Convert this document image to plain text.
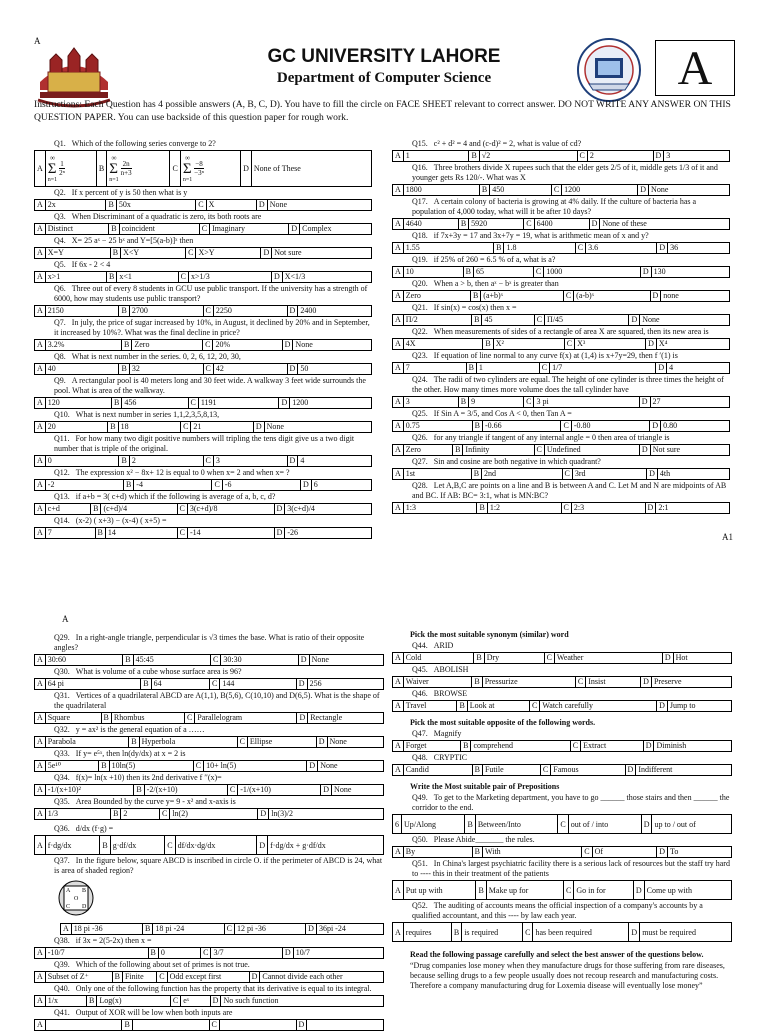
A
GC UNIVERSITY LAHORE
Department of Computer Science	A
Instructions: Each Question has 4 possible answers (A, B, C, D). You have to fill the circle on FACE SHEET relevant to correct answer. DO NOT WRITE ANY ANSWER ON THIS QUESTION PAPER. You can use backside of this question paper for rough work.
Q1. Which of the following series converge to 2?
A	
∞
Σ
n=1

$\frac{1}{\text{2ⁿ}}$	B	
∞
Σ
n=1

$\frac{2n}{n+3}$	C	
∞
Σ
n=1

$\frac{-8}{\text{−3ⁿ}}$	D	None of These
Q2. If x percent of y is 50 then what is y
A	2x	B	50x	C	X	D	None
Q3. When Discriminant of a quadratic is zero, its both roots are
A	Distinct	B	coincident	C	Imaginary	D	Complex
Q4. X= 25 aˣ − 25 bˣ and Y=[5(a-b)]ˣ then
A	X=Y	B	X<Y	C	X>Y	D	Not sure
Q5. If 6x - 2 < 4
A	x>1	B	x<1	C	x>1/3	D	X<1/3
Q6. Three out of every 8 students in GCU use public transport. If the university has a strength of 6000, how may students use public transport?
A	2150	B	2700	C	2250	D	2400
Q7. In july, the price of sugar increased by 10%, in August, it declined by 20% and in September, it increased by 10%?. What was the final decline in price?
A	3.2%	B	Zero	C	20%	D	None
Q8. What is next number in the series. 0, 2, 6, 12, 20, 30,
A	40	B	32	C	42	D	50
Q9. A rectangular pool is 40 meters long and 30 feet wide. A walkway 3 feet wide surrounds the pool. What is area of the walkway.
A	120	B	456	C	1191	D	1200
Q10. What is next number in series 1,1,2,3,5,8,13,
A	20	B	18	C	21	D	None
Q11. For how many two digit positive numbers will tripling the tens digit give us a two digit number that is triple of the original.
A	0	B	2	C	3	D	4
Q12. The expression x² − 8x+ 12 is equal to 0 when x= 2 and when x= ?
A	-2	B	-4	C	-6	D	6
Q13. if a+b = 3( c+d) which if the following is average of a, b, c, d?
A	c+d	B	(c+d)/4	C	3(c+d)/8	D	3(c+d)/4
Q14. (x-2) ( x+3) − (x-4) ( x+5) =
A	7	B	14	C	-14	D	-26
Q15. c² + d² = 4 and (c-d)² = 2, what is value of cd?
A	1	B	√2	C	2	D	3
Q16. Three brothers divide X rupees such that the elder gets 2/5 of it, middle gets 1/3 of it and younger gets Rs 120/-. What was X
A	1800	B	450	C	1200	D	None
Q17. A certain colony of bacteria is growing at 4% daily. If the culture of bacteria has a population of 4,000 today, what will it be after 10 days?
A	4640	B	5920	C	6400	D	None of these
Q18. if 7x+3y = 17 and 3x+7y = 19, what is arithmetic mean of x and y?
A	1.55	B	1.8	C	3.6	D	36
Q19. if 25% of 260 = 6.5 % of a, what is a?
A	10	B	65	C	1000	D	130
Q20. When a > b, then aˣ − bˣ is greater than
A	Zero	B	(a+b)ˣ	C	(a-b)ˣ	D	none
Q21. If sin(x) = cos(x) then x =
A	Π/2	B	45	C	Π/45	D	None
Q22. When measurements of sides of a rectangle of area X are squared, then its new area is
A	4X	B	X²	C	X³	D	X⁴
Q23. If equation of line normal to any curve f(x) at (1,4) is x+7y=29, then f ′(1) is
A	7	B	1	C	1/7	D	4
Q24. The radii of two cylinders are equal. The height of one cylinder is three times the height of the other. How many times more volume does the tall cylinder have
A	3	B	9	C	3 pi	D	27
Q25. If Sin A = 3/5, and Cos A < 0, then Tan A =
A	0.75	B	-0.66	C	-0.80	D	0.80
Q26. for any triangle if tangent of any internal angle = 0 then area of triangle is
A	Zero	B	Infinity	C	Undefined	D	Not sure
Q27. Sin and cosine are both negative in which quadrant?
A	1st	B	2nd	C	3rd	D	4th
Q28. Let A,B,C are points on a line and B is between A and C. Let M and N are midpoints of AB and BC. If AB: BC= 3:1, what is MN:BC?
A	1:3	B	1:2	C	2:3	D	2:1
A1
A
Q29. In a right-angle triangle, perpendicular is √3 times the base. What is ratio of their opposite angles?
A	30:60	B	45:45	C	30:30	D	None
Q30. What is volume of a cube whose surface area is 96?
A	64 pi	B	64	C	144	D	256
Q31. Vertices of a quadrilateral ABCD are A(1,1), B(5,6), C(10,10) and D(6,5). What is the shape of the quadrilateral
A	Square	B	Rhombus	C	Parallelogram	D	Rectangle
Q32. y = ax² is the general equation of a ……
A	Parabola	B	Hyperbola	C	Ellipse	D	None
Q33. If y= e⁵ˣ, then ln(dy/dx) at x = 2 is
A	5e¹⁰	B	10ln(5)	C	10+ ln(5)	D	None
Q34. f(x)= ln(x +10) then its 2nd derivative f ′′(x)=
A	-1/(x+10)²	B	-2/(x+10)	C	-1/(x+10)	D	None
Q35. Area Bounded by the curve y= 9 - x² and x-axis is
A	1/3	B	2	C	ln(2)	D	ln(3)/2
Q36. d/dx (f·g) =
A	f·dg/dx	B	g·df/dx	C	df/dx·dg/dx	D	f·dg/dx + g·df/dx
Q37. In the figure below, square ABCD is inscribed in circle O. if the perimeter of ABCD is 24, what is area of shaded region?
A B
O
C D
A	18 pi -36	B	18 pi -24	C	12 pi -36	D	36pi -24
Q38. if 3x = 2(5-2x) then x =
A	-10/7	B	0	C	3/7	D	10/7
Q39. Which of the following about set of primes is not true.
A	Subset of Z⁺	B	Finite	C	Odd except first	D	Cannot divide each other
Q40. Only one of the following function has the property that its derivative is equal to its integral.
A	1/x	B	Log(x)	C	eˣ	D	No such function
Q41. Output of XOR will be low when both inputs are
A		B		C		D	
Pick the most suitable synonym (similar) word
Q44. ARID
A	Cold	B	Dry	C	Weather	D	Hot
Q45. ABOLISH
A	Waiver	B	Pressurize	C	Insist	D	Preserve
Q46. BROWSE
A	Travel	B	Look at	C	Watch carefully	D	Jump to
Pick the most suitable opposite of the following words.
Q47. Magnify
A	Forget	B	comprehend	C	Extract	D	Diminish
Q48. CRYPTIC
A	Candid	B	Futile	C	Famous	D	Indifferent
Write the Most suitable pair of Prepositions
Q49. To get to the Marketing department, you have to go ______ those stairs and then ______ the corridor to the end.
6	Up/Along	B	Between/Into	C	out of / into	D	up to / out of
Q50. Please Abide_______ the rules.
A	By	B	With	C	Of	D	To
Q51. In China's largest psychiatric facility there is a serious lack of resources but the staff try hard to ---- this in their treatment of the patients
A	Put up with	B	Make up for	C	Go in for	D	Come up with
Q52. The auditing of accounts means the official inspection of a company's accounts by a qualified accountant, and this ---- by law each year.
A	requires	B	is required	C	has been required	D	must be required
Read the following passage carefully and select the best answer of the questions below.
“Drug companies lose money when they manufacture drugs for those suffering from rare diseases, because selling drugs to a few people usually does not recoup research and manufacturing costs. Therefore a company manufacturing drug for Loxemia disease will eventually lose money”
